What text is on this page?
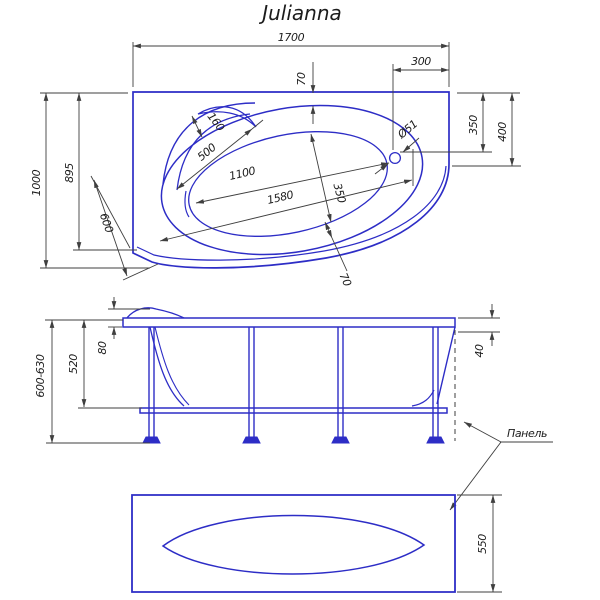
Julianna
1700
300
70
350 400
1000 895
600
160
500
1100
1580	350
Ø51
70
600-630 520
80	40
Панель
550
